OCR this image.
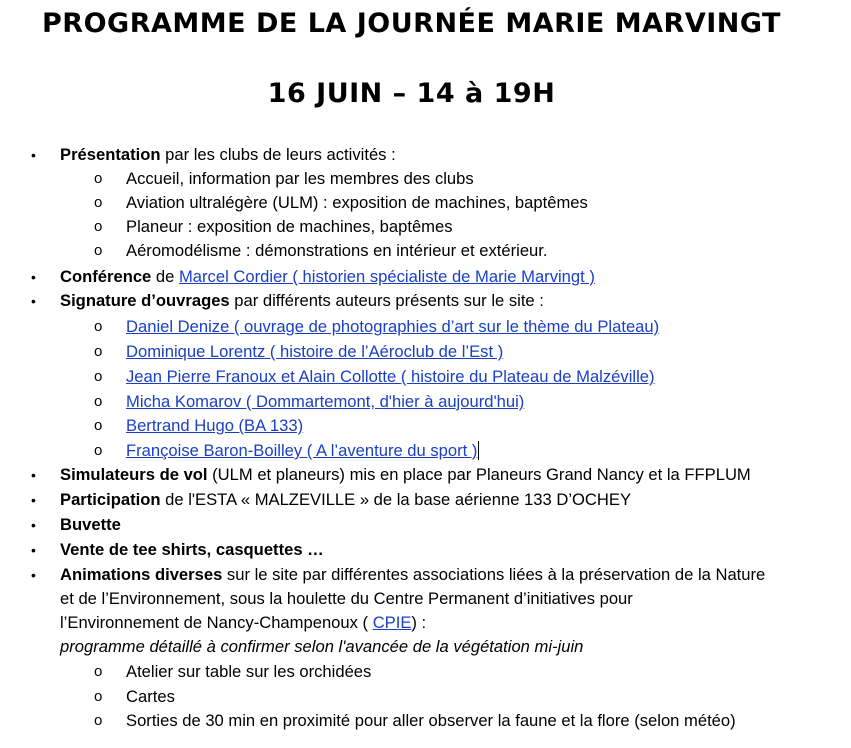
PROGRAMME DE LA JOURNÉE MARIE MARVINGT
16 JUIN – 14 à 19H
• Présentation par les clubs de leurs activités :
o Accueil, information par les membres des clubs
o Aviation ultralégère (ULM) : exposition de machines, baptêmes
o Planeur : exposition de machines, baptêmes
o Aéromodélisme : démonstrations en intérieur et extérieur.
• Conférence de Marcel Cordier ( historien spécialiste de Marie Marvingt )
• Signature d’ouvrages par différents auteurs présents sur le site :
o Daniel Denize ( ouvrage de photographies d’art sur le thème du Plateau)
o Dominique Lorentz ( histoire de l’Aéroclub de l’Est )
o Jean Pierre Franoux et Alain Collotte ( histoire du Plateau de Malzéville)
o Micha Komarov ( Dommartemont, d'hier à aujourd'hui)
o Bertrand Hugo (BA 133)
o Françoise Baron-Boilley ( A l’aventure du sport )
• Simulateurs de vol (ULM et planeurs) mis en place par Planeurs Grand Nancy et la FFPLUM
• Participation de l'ESTA « MALZEVILLE » de la base aérienne 133 D’OCHEY
• Buvette
• Vente de tee shirts, casquettes …
• Animations diverses sur le site par différentes associations liées à la préservation de la Nature
et de l’Environnement, sous la houlette du Centre Permanent d’initiatives pour
l’Environnement de Nancy-Champenoux ( CPIE) :
programme détaillé à confirmer selon l'avancée de la végétation mi-juin
o Atelier sur table sur les orchidées
o Cartes
o Sorties de 30 min en proximité pour aller observer la faune et la flore (selon météo)
